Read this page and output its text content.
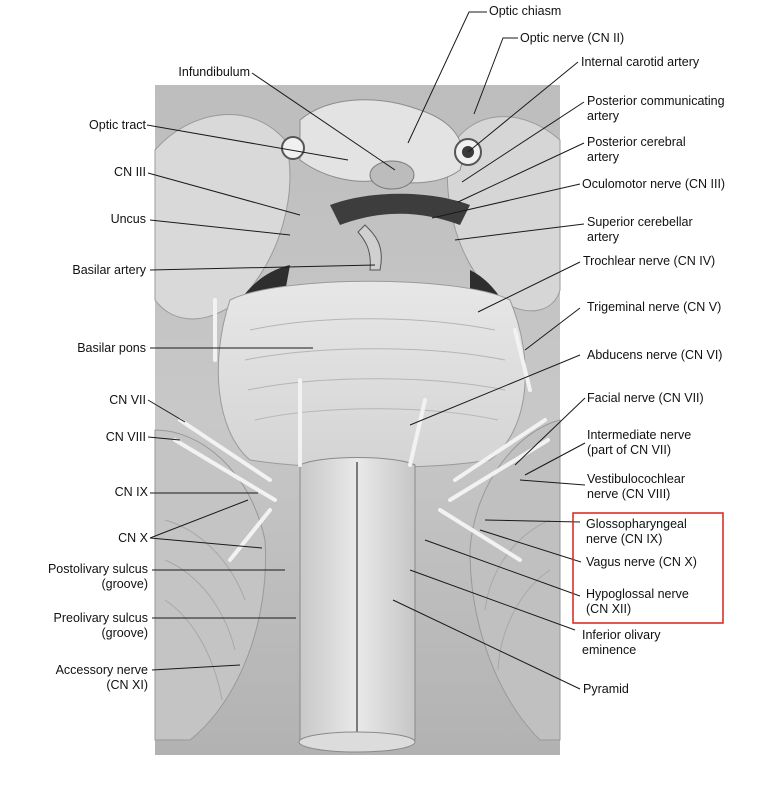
Optic chiasm
Optic nerve (CN II)
Internal carotid artery
Posterior communicating
artery
Posterior cerebral
artery
Oculomotor nerve (CN III)
Superior cerebellar
artery
Trochlear nerve (CN IV)
Trigeminal nerve (CN V)
Abducens nerve (CN VI)
Facial nerve (CN VII)
Intermediate nerve
(part of CN VII)
Vestibulocochlear
nerve (CN VIII)
Glossopharyngeal
nerve (CN IX)
Vagus nerve (CN X)
Hypoglossal nerve
(CN XII)
Inferior olivary
eminence
Pyramid
Infundibulum
Optic tract
CN III
Uncus
Basilar artery
Basilar pons
CN VII
CN VIII
CN IX
CN X
Postolivary sulcus
(groove)
Preolivary sulcus
(groove)
Accessory nerve
(CN XI)
